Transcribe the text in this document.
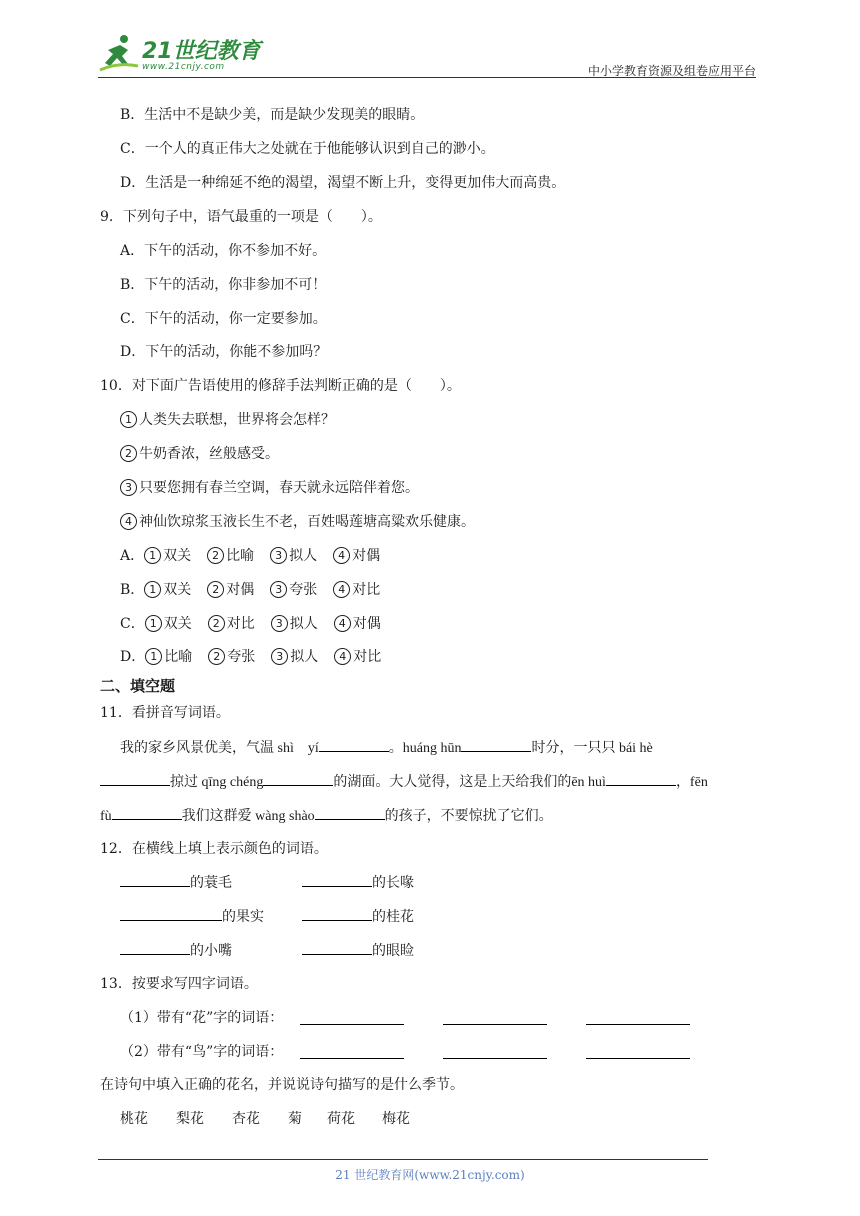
21世纪教育
www.21cnjy.com	中小学教育资源及组卷应用平台
B．生活中不是缺少美，而是缺少发现美的眼睛。
C．一个人的真正伟大之处就在于他能够认识到自己的渺小。
D．生活是一种绵延不绝的渴望，渴望不断上升，变得更加伟大而高贵。
9．下列句子中，语气最重的一项是（　　）。
A．下午的活动，你不参加不好。
B．下午的活动，你非参加不可！
C．下午的活动，你一定要参加。
D．下午的活动，你能不参加吗？
10．对下面广告语使用的修辞手法判断正确的是（　　）。
1 人类失去联想，世界将会怎样？
2 牛奶香浓，丝般感受。
3 只要您拥有春兰空调，春天就永远陪伴着您。
4 神仙饮琼浆玉液长生不老，百姓喝莲塘高粱欢乐健康。
A． 1 双关 2 比喻 3 拟人 4 对偶
B． 1 双关 2 对偶 3 夸张 4 对比
C． 1 双关 2 对比 3 拟人 4 对偶
D． 1 比喻 2 夸张 3 拟人 4 对比
二、填空题
11．看拼音写词语。
我的家乡风景优美，气温 shì　yí	。huáng hūn	时分，一只只 bái hè
掠过 qīng chéng	的湖面。大人觉得，这是上天给我们的ēn huì	，fēn
fù	我们这群爱 wàng shào	的孩子，不要惊扰了它们。
12．在横线上填上表示颜色的词语。
的蓑毛	的长喙
的果实	的桂花
的小嘴	的眼睑
13．按要求写四字词语。
（1）带有“花”字的词语：
（2）带有“鸟”字的词语：
在诗句中填入正确的花名，并说说诗句描写的是什么季节。
桃花 梨花 杏花 菊 荷花 梅花
21 世纪教育网(www.21cnjy.com)
